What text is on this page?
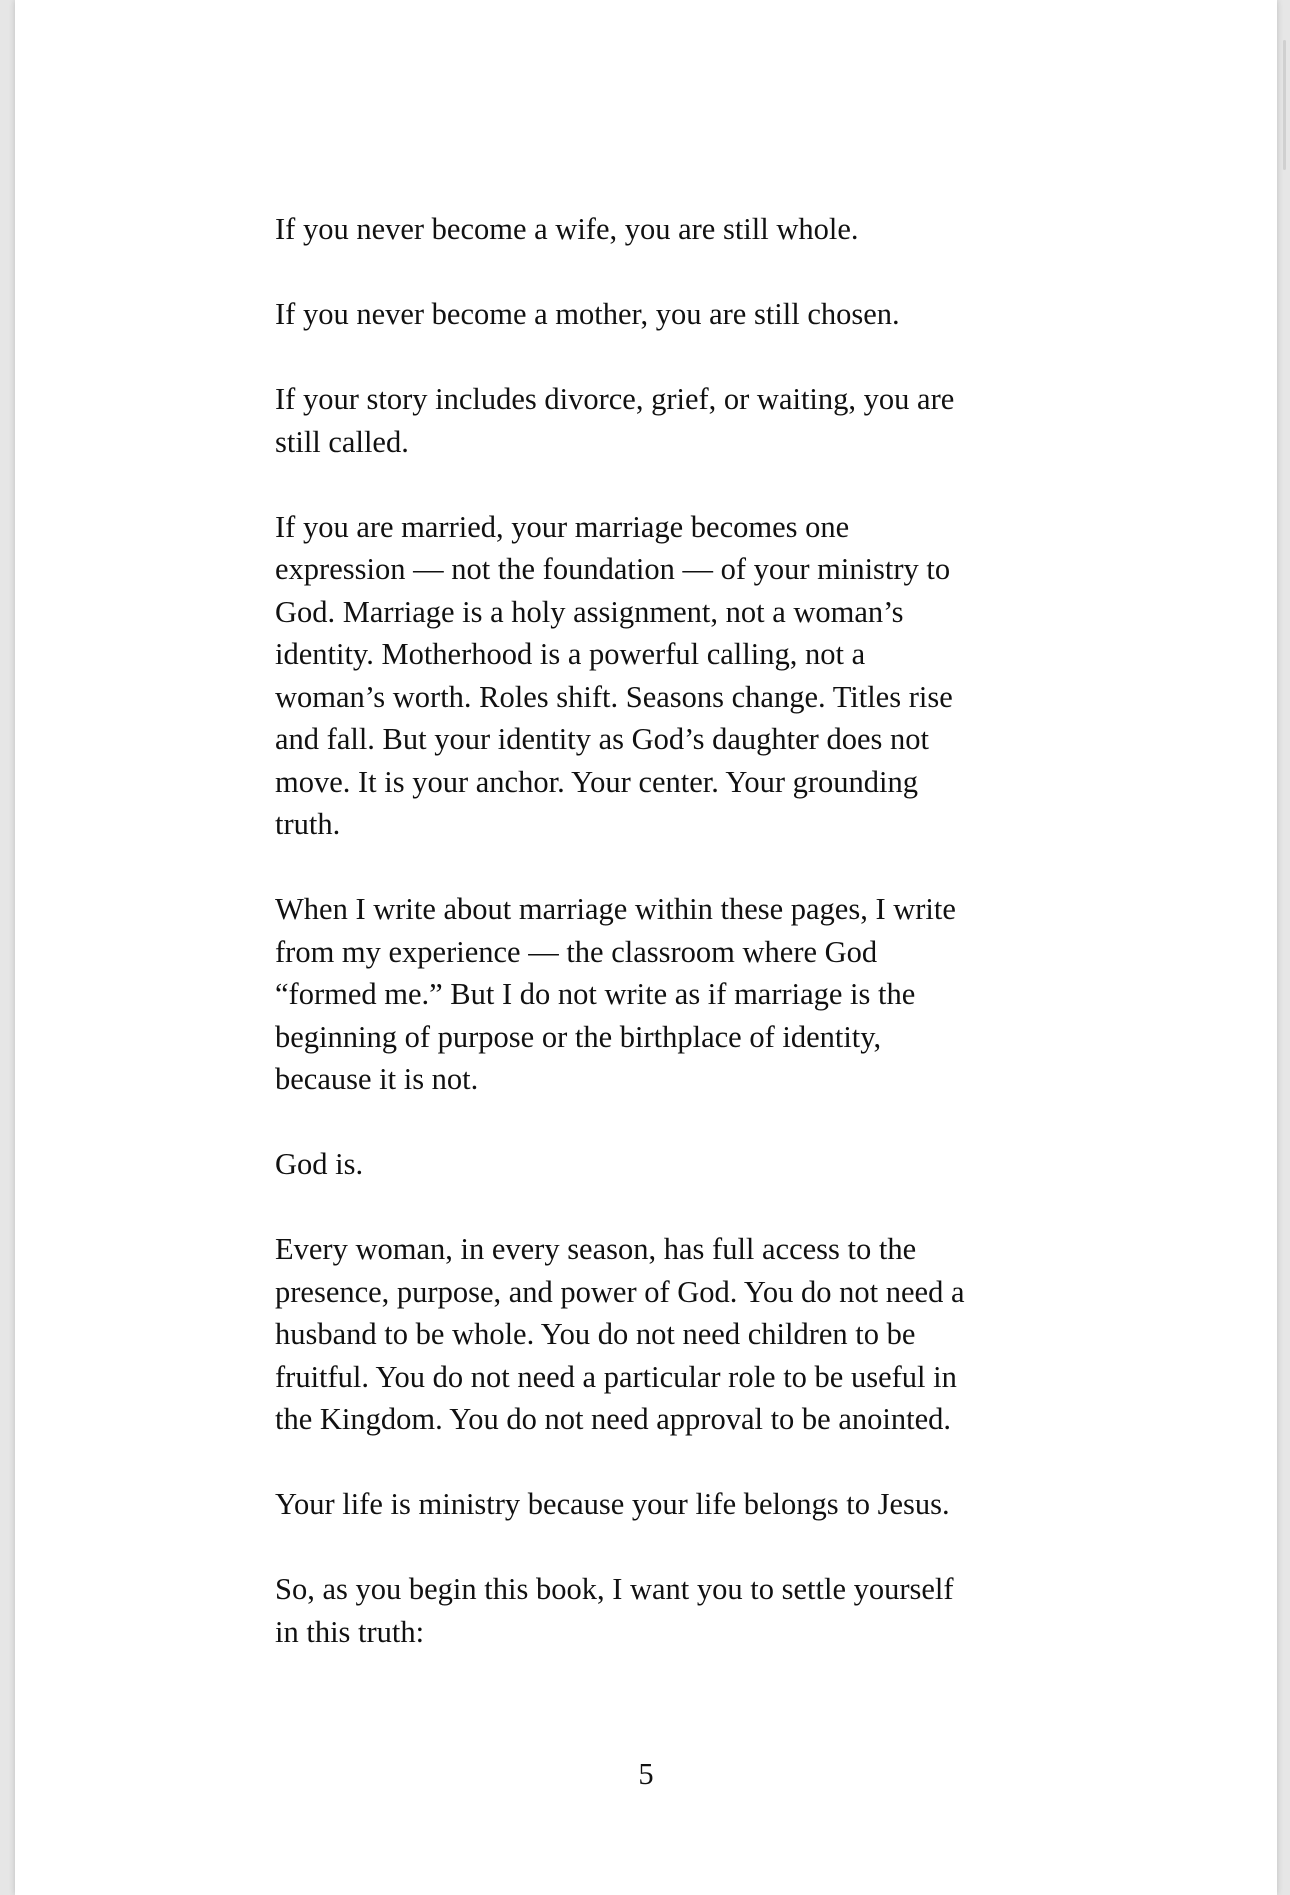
If you never become a wife, you are still whole.

If you never become a mother, you are still chosen.

If your story includes divorce, grief, or waiting, you are
still called.

If you are married, your marriage becomes one
expression — not the foundation — of your ministry to
God. Marriage is a holy assignment, not a woman’s
identity. Motherhood is a powerful calling, not a
woman’s worth. Roles shift. Seasons change. Titles rise
and fall. But your identity as God’s daughter does not
move. It is your anchor. Your center. Your grounding
truth.

When I write about marriage within these pages, I write
from my experience — the classroom where God
“formed me.” But I do not write as if marriage is the
beginning of purpose or the birthplace of identity,
because it is not.

God is.

Every woman, in every season, has full access to the
presence, purpose, and power of God. You do not need a
husband to be whole. You do not need children to be
fruitful. You do not need a particular role to be useful in
the Kingdom. You do not need approval to be anointed.

Your life is ministry because your life belongs to Jesus.

So, as you begin this book, I want you to settle yourself
in this truth:

5
